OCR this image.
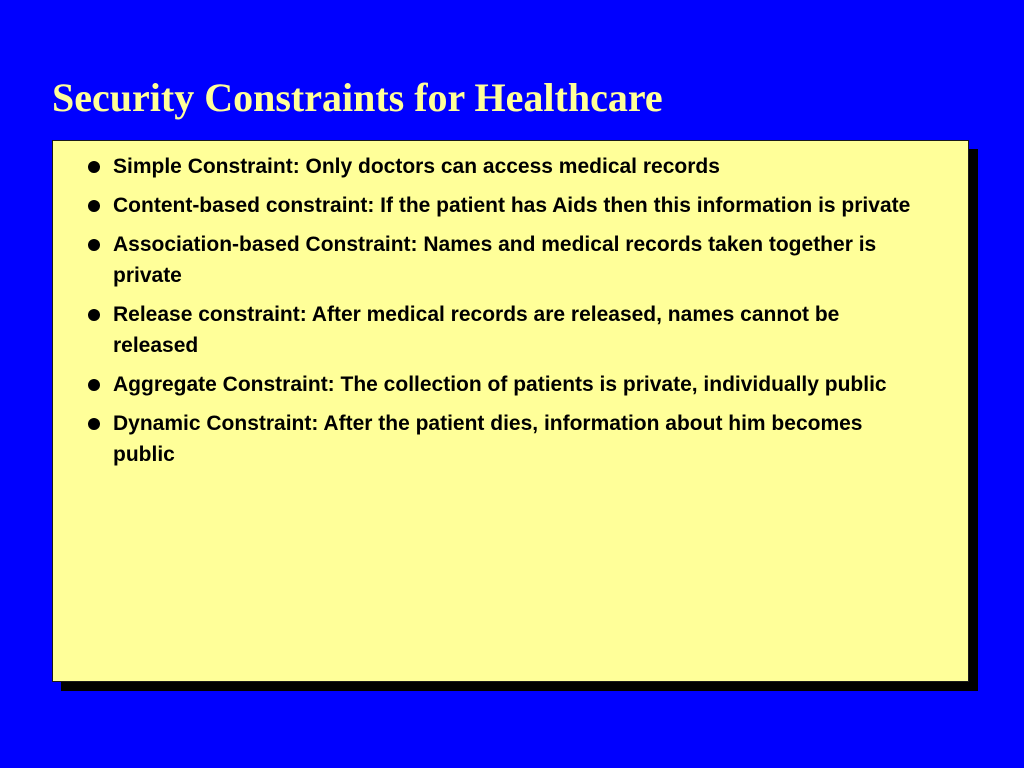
Security Constraints for Healthcare
Simple Constraint: Only doctors can access medical records
Content-based constraint: If the patient has Aids then this information is private
Association-based Constraint: Names and medical records taken together is private
Release constraint: After medical records are released, names cannot be released
Aggregate Constraint: The collection of patients is private, individually public
Dynamic Constraint: After the patient dies, information about him becomes public
